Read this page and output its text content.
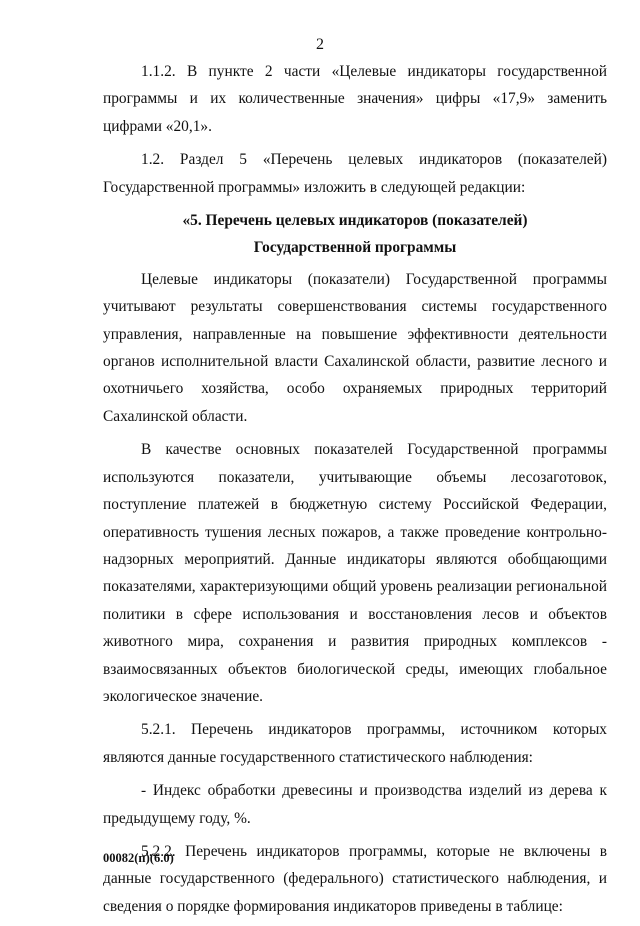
2

1.1.2. В пункте 2 части «Целевые индикаторы государственной программы и их количественные значения» цифры «17,9» заменить цифрами «20,1».

1.2. Раздел 5 «Перечень целевых индикаторов (показателей) Государственной программы» изложить в следующей редакции:

«5. Перечень целевых индикаторов (показателей)

Государственной программы

Целевые индикаторы (показатели) Государственной программы учитывают результаты совершенствования системы государственного управления, направленные на повышение эффективности деятельности органов исполнительной власти Сахалинской области, развитие лесного и охотничьего хозяйства, особо охраняемых природных территорий Сахалинской области.

В качестве основных показателей Государственной программы используются показатели, учитывающие объемы лесозаготовок, поступление платежей в бюджетную систему Российской Федерации, оперативность тушения лесных пожаров, а также проведение контрольно-надзорных мероприятий. Данные индикаторы являются обобщающими показателями, характеризующими общий уровень реализации региональной политики в сфере использования и восстановления лесов и объектов животного мира, сохранения и развития природных комплексов - взаимосвязанных объектов биологической среды, имеющих глобальное экологическое значение.

5.2.1. Перечень индикаторов программы, источником которых являются данные государственного статистического наблюдения:

- Индекс обработки древесины и производства изделий из дерева к предыдущему году, %.

5.2.2. Перечень индикаторов программы, которые не включены в данные государственного (федерального) статистического наблюдения, и сведения о порядке формирования индикаторов приведены в таблице:

00082(п)(6.0)
